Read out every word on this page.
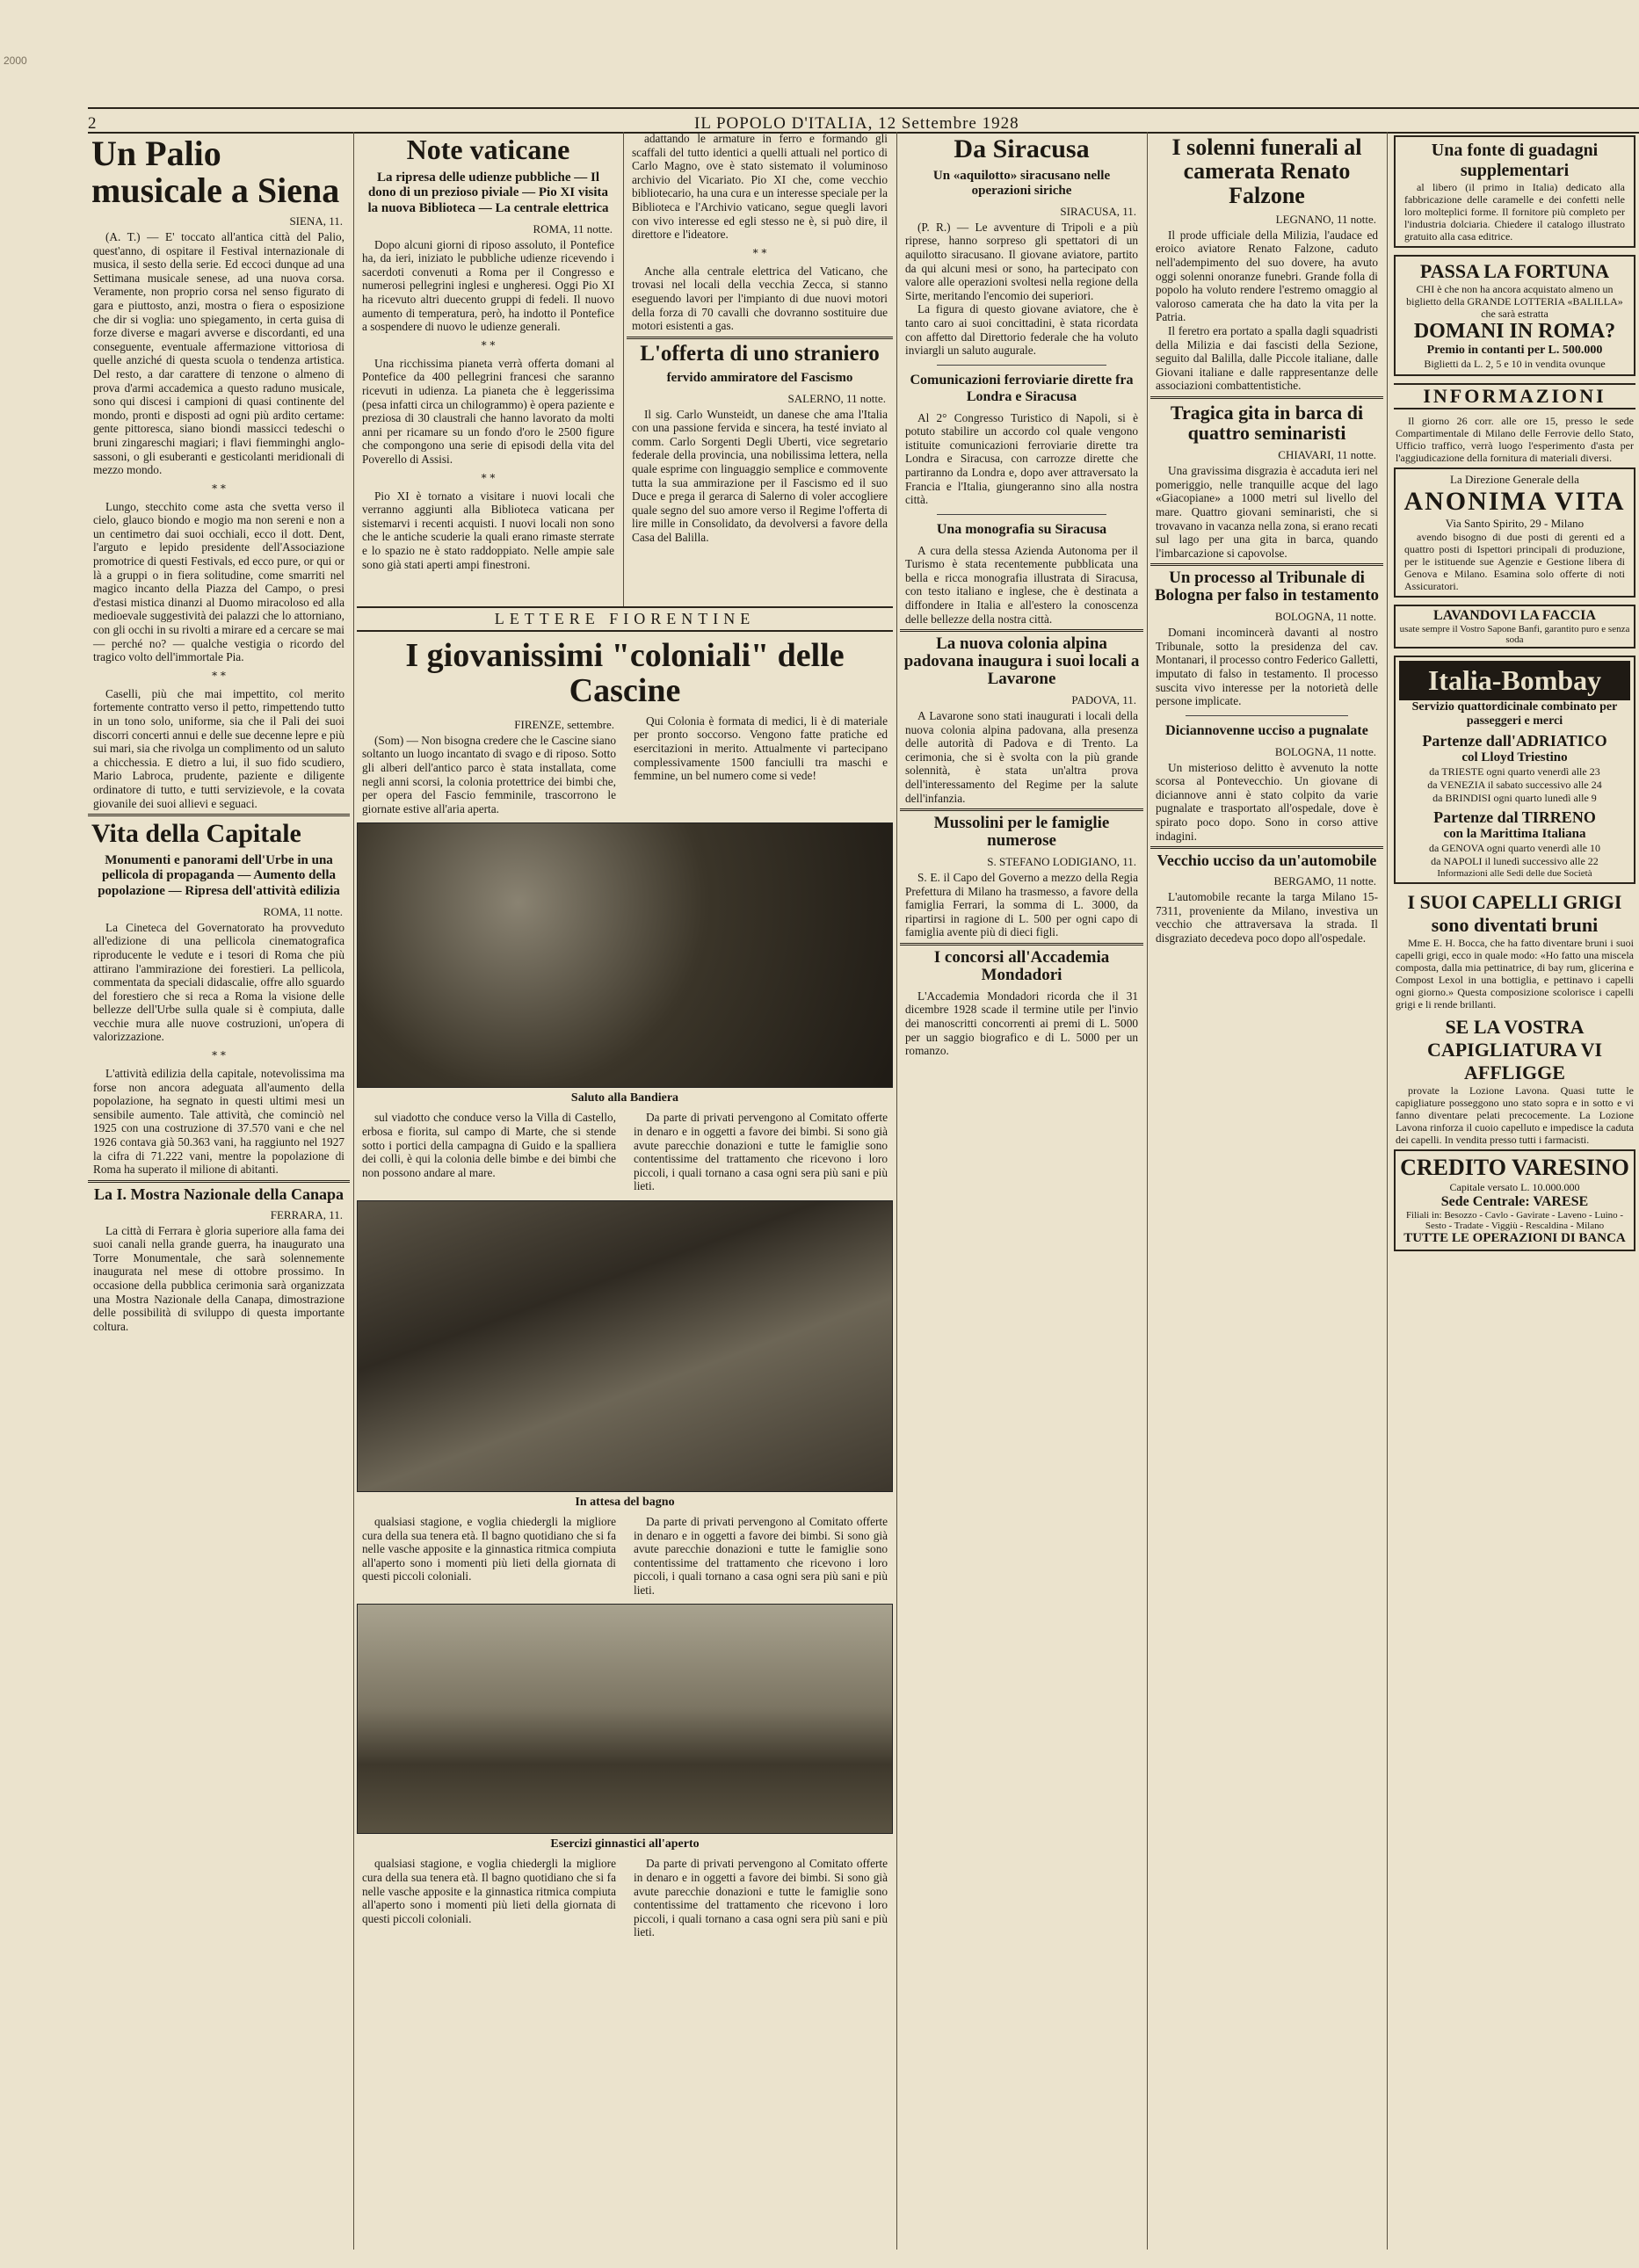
2000
2	IL POPOLO D'ITALIA, 12 Settembre 1928
Un Palio musicale a Siena
SIENA, 11.

(A. T.) — E' toccato all'antica città del Palio, quest'anno, di ospitare il Festival internazionale di musica, il sesto della serie. Ed eccoci dunque ad una Settimana musicale senese, ad una nuova corsa. Veramente, non proprio corsa nel senso figurato di gara e piuttosto, anzi, mostra o fiera o esposizione che dir si voglia: uno spiegamento, in certa guisa di forze diverse e magari avverse e discordanti, ed una conseguente, eventuale affermazione vittoriosa di quelle anziché di questa scuola o tendenza artistica. Del resto, a dar carattere di tenzone o almeno di prova d'armi accademica a questo raduno musicale, sono qui discesi i campioni di quasi continente del mondo, pronti e disposti ad ogni più ardito certame: gente pittoresca, siano biondi massicci tedeschi o bruni zingareschi magiari; i flavi fiemminghi anglo-sassoni, o gli esuberanti e gesticolanti meridionali di mezzo mondo.

* *

Lungo, stecchito come asta che svetta verso il cielo, glauco biondo e mogio ma non sereni e non a un centimetro dai suoi occhiali, ecco il dott. Dent, l'arguto e lepido presidente dell'Associazione promotrice di questi Festivals, ed ecco pure, or qui or là a gruppi o in fiera solitudine, come smarriti nel magico incanto della Piazza del Campo, o presi d'estasi mistica dinanzi al Duomo miracoloso ed alla medioevale suggestività dei palazzi che lo attorniano, con gli occhi in su rivolti a mirare ed a cercare se mai — perché no? — qualche vestigia o ricordo del tragico volto dell'immortale Pia.

* *

Caselli, più che mai impettito, col merito fortemente contratto verso il petto, rimpettendo tutto in un tono solo, uniforme, sia che il Pali dei suoi discorri concerti annui e delle sue decenne lepre e più sui mari, sia che rivolga un complimento od un saluto a chicchessia. E dietro a lui, il suo fido scudiero, Mario Labroca, prudente, paziente e diligente ordinatore di tutto, e tutti servizievole, e la covata giovanile dei suoi allievi e seguaci.

Vita della Capitale
Monumenti e panorami dell'Urbe in una pellicola di propaganda — Aumento della popolazione — Ripresa dell'attività edilizia
ROMA, 11 notte.

La Cineteca del Governatorato ha provveduto all'edizione di una pellicola cinematografica riproducente le vedute e i tesori di Roma che più attirano l'ammirazione dei forestieri. La pellicola, commentata da speciali didascalie, offre allo sguardo del forestiero che si reca a Roma la visione delle bellezze dell'Urbe sulla quale si è compiuta, dalle vecchie mura alle nuove costruzioni, un'opera di valorizzazione.

* *

L'attività edilizia della capitale, notevolissima ma forse non ancora adeguata all'aumento della popolazione, ha segnato in questi ultimi mesi un sensibile aumento. Tale attività, che cominciò nel 1925 con una costruzione di 37.570 vani e che nel 1926 contava già 50.363 vani, ha raggiunto nel 1927 la cifra di 71.222 vani, mentre la popolazione di Roma ha superato il milione di abitanti.

La I. Mostra Nazionale della Canapa
FERRARA, 11.

La città di Ferrara è gloria superiore alla fama dei suoi canali nella grande guerra, ha inaugurato una Torre Monumentale, che sarà solennemente inaugurata nel mese di ottobre prossimo. In occasione della pubblica cerimonia sarà organizzata una Mostra Nazionale della Canapa, dimostrazione delle possibilità di sviluppo di questa importante coltura.

Note vaticane
La ripresa delle udienze pubbliche — Il dono di un prezioso piviale — Pio XI visita la nuova Biblioteca — La centrale elettrica
ROMA, 11 notte.

Dopo alcuni giorni di riposo assoluto, il Pontefice ha, da ieri, iniziato le pubbliche udienze ricevendo i sacerdoti convenuti a Roma per il Congresso e numerosi pellegrini inglesi e ungheresi. Oggi Pio XI ha ricevuto altri duecento gruppi di fedeli. Il nuovo aumento di temperatura, però, ha indotto il Pontefice a sospendere di nuovo le udienze generali.

* *

Una ricchissima pianeta verrà offerta domani al Pontefice da 400 pellegrini francesi che saranno ricevuti in udienza. La pianeta che è leggerissima (pesa infatti circa un chilogrammo) è opera paziente e preziosa di 30 claustrali che hanno lavorato da molti anni per ricamare su un fondo d'oro le 2500 figure che compongono una serie di episodi della vita del Poverello di Assisi.

* *

Pio XI è tornato a visitare i nuovi locali che verranno aggiunti alla Biblioteca vaticana per sistemarvi i recenti acquisti. I nuovi locali non sono che le antiche scuderie la quali erano rimaste sterrate e lo spazio ne è stato raddoppiato. Nelle ampie sale sono già stati aperti ampi finestroni.

LETTERE FIORENTINE
I giovanissimi "coloniali" delle Cascine
FIRENZE, settembre.

(Som) — Non bisogna credere che le Cascine siano soltanto un luogo incantato di svago e di riposo. Sotto gli alberi dell'antico parco è stata installata, come negli anni scorsi, la colonia protettrice dei bimbi che, per opera del Fascio femminile, trascorrono le giornate estive all'aria aperta.

Qui Colonia è formata di medici, li è di materiale per pronto soccorso. Vengono fatte pratiche ed esercitazioni in merito. Attualmente vi partecipano complessivamente 1500 fanciulli tra maschi e femmine, un bel numero come si vede!

Saluto alla Bandiera

sul viadotto che conduce verso la Villa di Castello, erbosa e fiorita, sul campo di Marte, che si stende sotto i portici della campagna di Guido e la spalliera dei colli, è qui la colonia delle bimbe e dei bimbi che non possono andare al mare.

Da parte di privati pervengono al Comitato offerte in denaro e in oggetti a favore dei bimbi. Si sono già avute parecchie donazioni e tutte le famiglie sono contentissime del trattamento che ricevono i loro piccoli, i quali tornano a casa ogni sera più sani e più lieti.

In attesa del bagno

qualsiasi stagione, e voglia chiedergli la migliore cura della sua tenera età. Il bagno quotidiano che si fa nelle vasche apposite e la ginnastica ritmica compiuta all'aperto sono i momenti più lieti della giornata di questi piccoli coloniali.

Da parte di privati pervengono al Comitato offerte in denaro e in oggetti a favore dei bimbi. Si sono già avute parecchie donazioni e tutte le famiglie sono contentissime del trattamento che ricevono i loro piccoli, i quali tornano a casa ogni sera più sani e più lieti.

Esercizi ginnastici all'aperto

qualsiasi stagione, e voglia chiedergli la migliore cura della sua tenera età. Il bagno quotidiano che si fa nelle vasche apposite e la ginnastica ritmica compiuta all'aperto sono i momenti più lieti della giornata di questi piccoli coloniali.

Da parte di privati pervengono al Comitato offerte in denaro e in oggetti a favore dei bimbi. Si sono già avute parecchie donazioni e tutte le famiglie sono contentissime del trattamento che ricevono i loro piccoli, i quali tornano a casa ogni sera più sani e più lieti.

adattando le armature in ferro e formando gli scaffali del tutto identici a quelli attuali nel portico di Carlo Magno, ove è stato sistemato il voluminoso archivio del Vicariato. Pio XI che, come vecchio bibliotecario, ha una cura e un interesse speciale per la Biblioteca e l'Archivio vaticano, segue quegli lavori con vivo interesse ed egli stesso ne è, si può dire, il direttore e l'ideatore.

* *

Anche alla centrale elettrica del Vaticano, che trovasi nel locali della vecchia Zecca, si stanno eseguendo lavori per l'impianto di due nuovi motori della forza di 70 cavalli che dovranno sostituire due motori esistenti a gas.

L'offerta di uno straniero
fervido ammiratore del Fascismo
SALERNO, 11 notte.

Il sig. Carlo Wunsteidt, un danese che ama l'Italia con una passione fervida e sincera, ha testé inviato al comm. Carlo Sorgenti Degli Uberti, vice segretario federale della provincia, una nobilissima lettera, nella quale esprime con linguaggio semplice e commovente tutta la sua ammirazione per il Fascismo ed il suo Duce e prega il gerarca di Salerno di voler accogliere quale segno del suo amore verso il Regime l'offerta di lire mille in Consolidato, da devolversi a favore della Casa del Balilla.

Da Siracusa
Un «aquilotto» siracusano nelle operazioni siriche
SIRACUSA, 11.

(P. R.) — Le avventure di Tripoli e a più riprese, hanno sorpreso gli spettatori di un aquilotto siracusano. Il giovane aviatore, partito da qui alcuni mesi or sono, ha partecipato con valore alle operazioni svoltesi nella regione della Sirte, meritando l'encomio dei superiori.

La figura di questo giovane aviatore, che è tanto caro ai suoi concittadini, è stata ricordata con affetto dal Direttorio federale che ha voluto inviargli un saluto augurale.

Comunicazioni ferroviarie dirette fra Londra e Siracusa

Al 2° Congresso Turistico di Napoli, si è potuto stabilire un accordo col quale vengono istituite comunicazioni ferroviarie dirette tra Londra e Siracusa, con carrozze dirette che partiranno da Londra e, dopo aver attraversato la Francia e l'Italia, giungeranno sino alla nostra città.

Una monografia su Siracusa

A cura della stessa Azienda Autonoma per il Turismo è stata recentemente pubblicata una bella e ricca monografia illustrata di Siracusa, con testo italiano e inglese, che è destinata a diffondere in Italia e all'estero la conoscenza delle bellezze della nostra città.

La nuova colonia alpina padovana inaugura i suoi locali a Lavarone
PADOVA, 11.

A Lavarone sono stati inaugurati i locali della nuova colonia alpina padovana, alla presenza delle autorità di Padova e di Trento. La cerimonia, che si è svolta con la più grande solennità, è stata un'altra prova dell'interessamento del Regime per la salute dell'infanzia.

Mussolini per le famiglie numerose
S. STEFANO LODIGIANO, 11.

S. E. il Capo del Governo a mezzo della Regia Prefettura di Milano ha trasmesso, a favore della famiglia Ferrari, la somma di L. 3000, da ripartirsi in ragione di L. 500 per ogni capo di famiglia avente più di dieci figli.

I concorsi all'Accademia Mondadori

L'Accademia Mondadori ricorda che il 31 dicembre 1928 scade il termine utile per l'invio dei manoscritti concorrenti ai premi di L. 5000 per un saggio biografico e di L. 5000 per un romanzo.

I solenni funerali al camerata Renato Falzone
LEGNANO, 11 notte.

Il prode ufficiale della Milizia, l'audace ed eroico aviatore Renato Falzone, caduto nell'adempimento del suo dovere, ha avuto oggi solenni onoranze funebri. Grande folla di popolo ha voluto rendere l'estremo omaggio al valoroso camerata che ha dato la vita per la Patria.

Il feretro era portato a spalla dagli squadristi della Milizia e dai fascisti della Sezione, seguito dal Balilla, dalle Piccole italiane, dalle Giovani italiane e dalle rappresentanze delle associazioni combattentistiche.

Tragica gita in barca di quattro seminaristi
CHIAVARI, 11 notte.

Una gravissima disgrazia è accaduta ieri nel pomeriggio, nelle tranquille acque del lago «Giacopiane» a 1000 metri sul livello del mare. Quattro giovani seminaristi, che si trovavano in vacanza nella zona, si erano recati sul lago per una gita in barca, quando l'imbarcazione si capovolse.

Un processo al Tribunale di Bologna per falso in testamento
BOLOGNA, 11 notte.

Domani incomincerà davanti al nostro Tribunale, sotto la presidenza del cav. Montanari, il processo contro Federico Galletti, imputato di falso in testamento. Il processo suscita vivo interesse per la notorietà delle persone implicate.

Diciannovenne ucciso a pugnalate
BOLOGNA, 11 notte.

Un misterioso delitto è avvenuto la notte scorsa al Pontevecchio. Un giovane di diciannove anni è stato colpito da varie pugnalate e trasportato all'ospedale, dove è spirato poco dopo. Sono in corso attive indagini.

Vecchio ucciso da un'automobile
BERGAMO, 11 notte.

L'automobile recante la targa Milano 15-7311, proveniente da Milano, investiva un vecchio che attraversava la strada. Il disgraziato decedeva poco dopo all'ospedale.

Una fonte di guadagni supplementari

al libero (il primo in Italia) dedicato alla fabbricazione delle caramelle e dei confetti nelle loro molteplici forme. Il fornitore più completo per l'industria dolciaria. Chiedere il catalogo illustrato gratuito alla casa editrice.

PASSA LA FORTUNA

CHI è che non ha ancora acquistato almeno un biglietto della GRANDE LOTTERIA «BALILLA» che sarà estratta

DOMANI IN ROMA?
Premio in contanti per L. 500.000
Biglietti da L. 2, 5 e 10 in vendita ovunque
INFORMAZIONI

Il giorno 26 corr. alle ore 15, presso le sede Compartimentale di Milano delle Ferrovie dello Stato, Ufficio traffico, verrà luogo l'esperimento d'asta per l'aggiudicazione della fornitura di materiali diversi.

La Direzione Generale della
ANONIMA VITA
Via Santo Spirito, 29 - Milano

avendo bisogno di due posti di gerenti ed a quattro posti di Ispettori principali di produzione, per le istituende sue Agenzie e Gestione libera di Genova e Milano. Esamina solo offerte di noti Assicuratori.

LAVANDOVI LA FACCIA
usate sempre il Vostro Sapone Banfi, garantito puro e senza soda
Italia-Bombay
Servizio quattordicinale combinato per passeggeri e merci
Partenze dall'ADRIATICO
col Lloyd Triestino
da TRIESTE ogni quarto venerdì alle 23
da VENEZIA il sabato successivo alle 24
da BRINDISI ogni quarto lunedì alle 9
Partenze dal TIRRENO
con la Marittima Italiana
da GENOVA ogni quarto venerdì alle 10
da NAPOLI il lunedì successivo alle 22
Informazioni alle Sedi delle due Società
I SUOI CAPELLI GRIGI sono diventati bruni

Mme E. H. Bocca, che ha fatto diventare bruni i suoi capelli grigi, ecco in quale modo: «Ho fatto una miscela composta, dalla mia pettinatrice, di bay rum, glicerina e Compost Lexol in una bottiglia, e pettinavo i capelli ogni giorno.» Questa composizione scolorisce i capelli grigi e li rende brillanti.

SE LA VOSTRA CAPIGLIATURA VI AFFLIGGE

provate la Lozione Lavona. Quasi tutte le capigliature posseggono uno stato sopra e in sotto e vi fanno diventare pelati precocemente. La Lozione Lavona rinforza il cuoio capelluto e impedisce la caduta dei capelli. In vendita presso tutti i farmacisti.

CREDITO VARESINO
Capitale versato L. 10.000.000
Sede Centrale: VARESE
Filiali in: Besozzo - Cavlo - Gavirate - Laveno - Luino - Sesto - Tradate - Viggiù - Rescaldina - Milano
TUTTE LE OPERAZIONI DI BANCA
